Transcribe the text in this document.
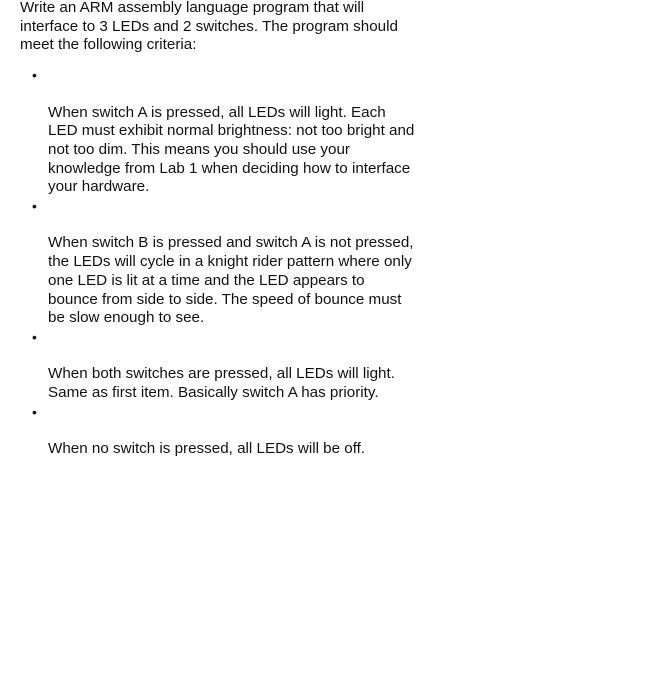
Write an ARM assembly language program that will
interface to 3 LEDs and 2 switches. The program should
meet the following criteria:

•

When switch A is pressed, all LEDs will light. Each
LED must exhibit normal brightness: not too bright and
not too dim. This means you should use your
knowledge from Lab 1 when deciding how to interface
your hardware.

•

When switch B is pressed and switch A is not pressed,
the LEDs will cycle in a knight rider pattern where only
one LED is lit at a time and the LED appears to
bounce from side to side. The speed of bounce must
be slow enough to see.

•

When both switches are pressed, all LEDs will light.
Same as first item. Basically switch A has priority.

•

When no switch is pressed, all LEDs will be off.
